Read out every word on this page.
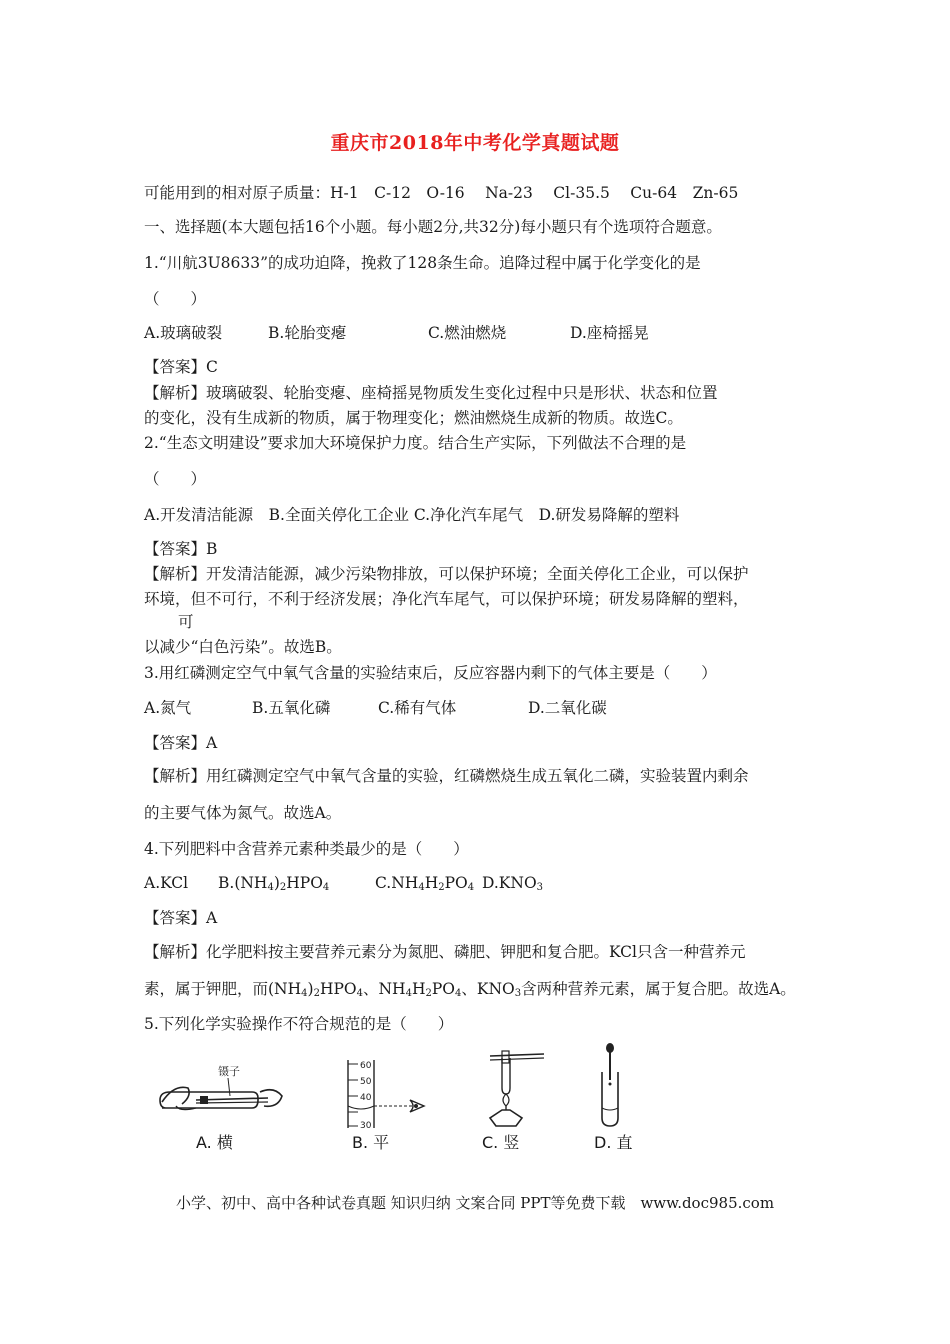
重庆市2018年中考化学真题试题
可能用到的相对原子质量：H-1　C-12　O-16　 Na-23　 Cl-35.5　 Cu-64　Zn-65
一、选择题(本大题包括16个小题。每小题2分,共32分)每小题只有个选项符合题意。
1.“川航3U8633”的成功迫降，挽救了128条生命。追降过程中属于化学变化的是
（　　）
A.玻璃破裂	B.轮胎变瘪	C.燃油燃烧	D.座椅摇晃
【答案】C
【解析】玻璃破裂、轮胎变瘪、座椅摇晃物质发生变化过程中只是形状、状态和位置
的变化，没有生成新的物质，属于物理变化；燃油燃烧生成新的物质。故选C。
2.“生态文明建设”要求加大环境保护力度。结合生产实际，下列做法不合理的是
（　　）
A.开发清洁能源　B.全面关停化工企业 C.净化汽车尾气　D.研发易降解的塑料
【答案】B
【解析】开发清洁能源，减少污染物排放，可以保护环境；全面关停化工企业，可以保护
环境，但不可行，不利于经济发展；净化汽车尾气，可以保护环境；研发易降解的塑料，
可
以减少“白色污染”。故选B。
3.用红磷测定空气中氧气含量的实验结束后，反应容器内剩下的气体主要是（　　）
A.氮气	B.五氧化磷	C.稀有气体	D.二氧化碳
【答案】A
【解析】用红磷测定空气中氧气含量的实验，红磷燃烧生成五氧化二磷，实验装置内剩余
的主要气体为氮气。故选A。
4.下列肥料中含营养元素种类最少的是（　　）
A.KCl $B.(NH_4)_2HPO_4$	$C.NH_4H_2PO_4$ $D.KNO_3$
【答案】A
【解析】化学肥料按主要营养元素分为氮肥、磷肥、钾肥和复合肥。KCl只含一种营养元
素，属于钾肥，而$(NH_4)_2HPO_4$、$NH_4H_2PO_4$、$KNO_3$含两种营养元素，属于复合肥。故选A。
5.下列化学实验操作不符合规范的是（　　）
镊子	60
50
40
30
A. 横	B. 平	C. 竖	D. 直
小学、初中、高中各种试卷真题 知识归纳 文案合同 PPT等免费下载　www.doc985.com
